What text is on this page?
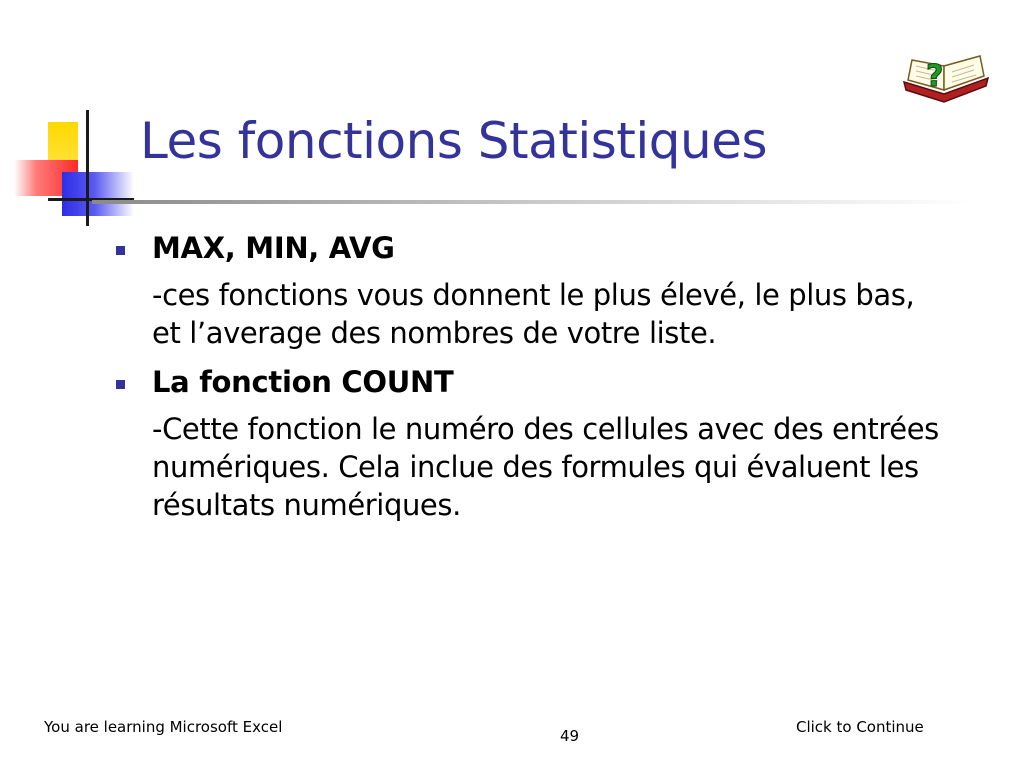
?
Les fonctions Statistiques

MAX, MIN, AVG

-ces fonctions vous donnent le plus élevé, le plus bas, et l’average des nombres de votre liste.

La fonction COUNT

-Cette fonction le numéro des cellules avec des entrées numériques. Cela inclue des formules qui évaluent les résultats numériques.

You are learning Microsoft Excel	49	Click to Continue
